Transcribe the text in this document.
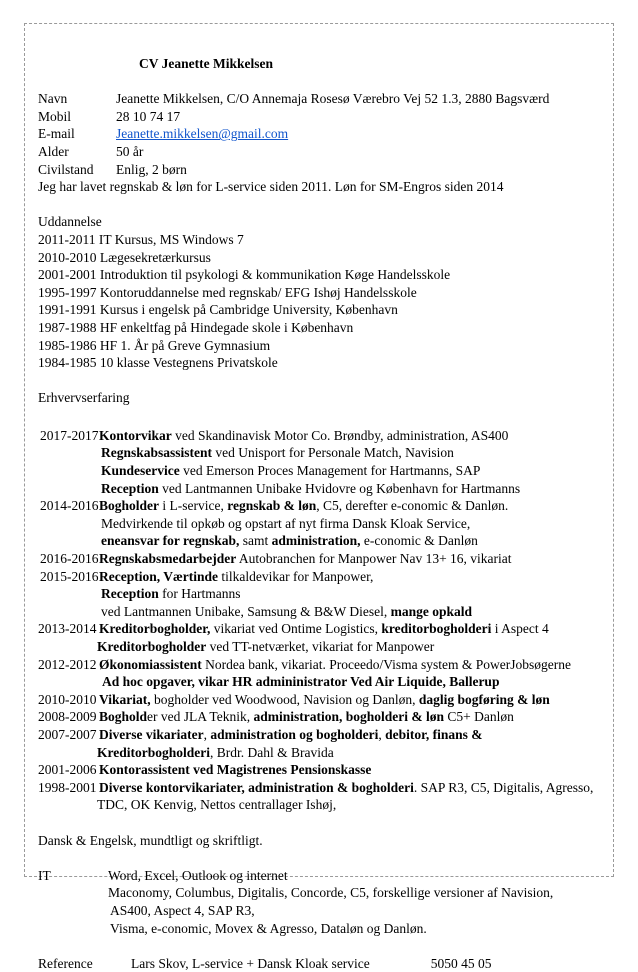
CV Jeanette Mikkelsen
Navn	Jeanette Mikkelsen, C/O Annemaja Rosesø Værebro Vej 52 1.3, 2880 Bagsværd
Mobil	28 10 74 17
E-mail	Jeanette.mikkelsen@gmail.com
Alder	50 år
Civilstand	Enlig, 2 børn
Jeg har lavet regnskab & løn for L-service siden 2011. Løn for SM-Engros siden 2014
Uddannelse
2011-2011 IT Kursus, MS Windows 7
2010-2010 Lægesekretærkursus
2001-2001 Introduktion til psykologi & kommunikation Køge Handelsskole
1995-1997 Kontoruddannelse med regnskab/ EFG Ishøj Handelsskole
1991-1991 Kursus i engelsk på Cambridge University, København
1987-1988 HF enkeltfag på Hindegade skole i København
1985-1986 HF 1. År på Greve Gymnasium
1984-1985 10 klasse Vestegnens Privatskole
Erhvervserfaring
2017-2017 Kontorvikar ved Skandinavisk Motor Co. Brøndby, administration, AS400
Regnskabsassistent ved Unisport for Personale Match, Navision
Kundeservice ved Emerson Proces Management for Hartmanns, SAP
Reception ved Lantmannen Unibake Hvidovre og København for Hartmanns
2014-2016 Bogholder i L-service, regnskab & løn, C5, derefter e-conomic & Danløn.
Medvirkende til opkøb og opstart af nyt firma Dansk Kloak Service,
eneansvar for regnskab, samt administration, e-conomic & Danløn
2016-2016 Regnskabsmedarbejder Autobranchen for Manpower Nav 13+ 16, vikariat
2015-2016 Reception, Værtinde tilkaldevikar for Manpower,
Reception for Hartmanns
ved Lantmannen Unibake, Samsung & B&W Diesel, mange opkald
2013-2014 Kreditorbogholder, vikariat ved Ontime Logistics, kreditorbogholderi i Aspect 4
Kreditorbogholder ved TT-netværket, vikariat for Manpower
2012-2012 Økonomiassistent Nordea bank, vikariat. Proceedo/Visma system & PowerJobsøgerne
Ad hoc opgaver, vikar HR admininistrator Ved Air Liquide, Ballerup
2010-2010 Vikariat, bogholder ved Woodwood, Navision og Danløn, daglig bogføring & løn
2008-2009 Bogholder ved JLA Teknik, administration, bogholderi & løn C5+ Danløn
2007-2007 Diverse vikariater, administration og bogholderi, debitor, finans &
Kreditorbogholderi, Brdr. Dahl & Bravida
2001-2006 Kontorassistent ved Magistrenes Pensionskasse
1998-2001 Diverse kontorvikariater, administration & bogholderi. SAP R3, C5, Digitalis, Agresso,
TDC, OK Kenvig, Nettos centrallager Ishøj,
Dansk & Engelsk, mundtligt og skriftligt.
IT	Word, Excel, Outlook og internet
Maconomy, Columbus, Digitalis, Concorde, C5, forskellige versioner af Navision,
AS400, Aspect 4, SAP R3,
Visma, e-conomic, Movex & Agresso, Dataløn og Danløn.
Reference	Lars Skov, L-service + Dansk Kloak service	5050 45 05
